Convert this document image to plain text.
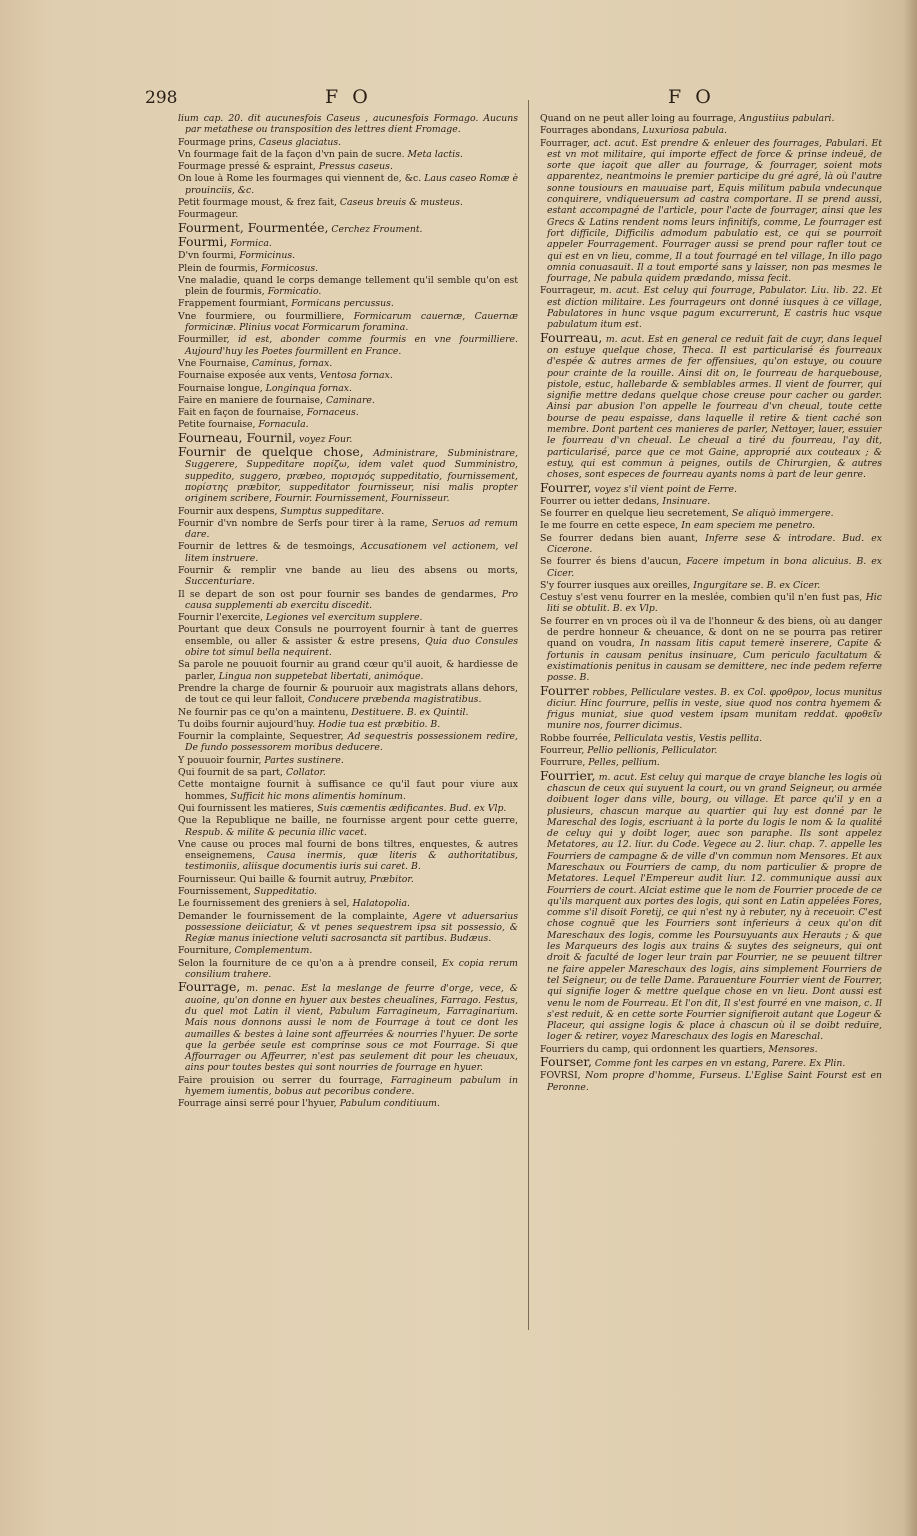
298	F O	F O

lium cap. 20. dit aucunesfois Caseus , aucunesfois Formago. Aucuns par metathese ou transposition des lettres dient Fromage.

Fourmage prins, Caseus glaciatus.

Vn fourmage fait de la façon d'vn pain de sucre. Meta lactis.

Fourmage pressé & espraint, Pressus caseus.

On loue à Rome les fourmages qui viennent de, &c. Laus caseo Romæ è prouinciis, &c.

Petit fourmage moust, & frez fait, Caseus breuis & musteus.

Fourmageur.

Fourment, Fourmentée, Cerchez Froument.

Fourmi, Formica.

D'vn fourmi, Formicinus.

Plein de fourmis, Formicosus.

Vne maladie, quand le corps demange tellement qu'il semble qu'on est plein de fourmis, Formicatio.

Frappement fourmiant, Formicans percussus.

Vne fourmiere, ou fourmilliere, Formicarum cauernæ, Cauernæ formicinæ. Plinius vocat Formicarum foramina.

Fourmiller, id est, abonder comme fourmis en vne fourmilliere. Aujourd'huy les Poetes fourmillent en France.

Vne Fournaise, Caminus, fornax.

Fournaise exposée aux vents, Ventosa fornax.

Fournaise longue, Longinqua fornax.

Faire en maniere de fournaise, Caminare.

Fait en façon de fournaise, Fornaceus.

Petite fournaise, Fornacula.

Fourneau, Fournil, voyez Four.

Fournir de quelque chose, Administrare, Subministrare, Suggerere, Suppeditare πορίζω, idem valet quod Sumministro, suppedito, suggero, præbeo, πορισμός suppeditatio, fournissement, πορίστης præbitor, suppeditator fournisseur, nisi malis propter originem scribere, Fournir. Fournissement, Fournisseur.

Fournir aux despens, Sumptus suppeditare.

Fournir d'vn nombre de Serfs pour tirer à la rame, Seruos ad remum dare.

Fournir de lettres & de tesmoings, Accusationem vel actionem, vel litem instruere.

Fournir & remplir vne bande au lieu des absens ou morts, Succenturiare.

Il se depart de son ost pour fournir ses bandes de gendarmes, Pro causa supplementi ab exercitu discedit.

Fournir l'exercite, Legiones vel exercitum supplere.

Pourtant que deux Consuls ne pourroyent fournir à tant de guerres ensemble, ou aller & assister & estre presens, Quia duo Consules obire tot simul bella nequirent.

Sa parole ne pouuoit fournir au grand cœur qu'il auoit, & hardiesse de parler, Lingua non suppetebat libertati, animóque.

Prendre la charge de fournir & pouruoir aux magistrats allans dehors, de tout ce qui leur falloit, Conducere præbenda magistratibus.

Ne fournir pas ce qu'on a maintenu, Destituere. B. ex Quintil.

Tu doibs fournir aujourd'huy. Hodie tua est præbitio. B.

Fournir la complainte, Sequestrer, Ad sequestris possessionem redire, De fundo possessorem moribus deducere.

Y pouuoir fournir, Partes sustinere.

Qui fournit de sa part, Collator.

Cette montaigne fournit à suffisance ce qu'il faut pour viure aux hommes, Sufficit hic mons alimentis hominum.

Qui fournissent les matieres, Suis cæmentis ædificantes. Bud. ex Vlp.

Que la Republique ne baille, ne fournisse argent pour cette guerre, Respub. & milite & pecunia illic vacet.

Vne cause ou proces mal fourni de bons tiltres, enquestes, & autres enseignemens, Causa inermis, quæ literis & authoritatibus, testimoniis, aliisque documentis iuris sui caret. B.

Fournisseur. Qui baille & fournit autruy, Præbitor.

Fournissement, Suppeditatio.

Le fournissement des greniers à sel, Halatopolia.

Demander le fournissement de la complainte, Agere vt aduersarius possessione deiiciatur, & vt penes sequestrem ipsa sit possessio, & Regiæ manus iniectione veluti sacrosancta sit partibus. Budæus.

Fourniture, Complementum.

Selon la fourniture de ce qu'on a à prendre conseil, Ex copia rerum consilium trahere.

Fourrage, m. penac. Est la meslange de feurre d'orge, vece, & auoine, qu'on donne en hyuer aux bestes cheualines, Farrago. Festus, du quel mot Latin il vient, Pabulum Farragineum, Farraginarium. Mais nous donnons aussi le nom de Fourrage à tout ce dont les aumailles & bestes à laine sont affeurrées & nourries l'hyuer. De sorte que la gerbée seule est comprinse sous ce mot Fourrage. Si que Affourrager ou Affeurrer, n'est pas seulement dit pour les cheuaux, ains pour toutes bestes qui sont nourries de fourrage en hyuer.

Faire prouision ou serrer du fourrage, Farragineum pabulum in hyemem iumentis, bobus aut pecoribus condere.

Fourrage ainsi serré pour l'hyuer, Pabulum conditiuum.

Quand on ne peut aller loing au fourrage, Angustiius pabulari.

Fourrages abondans, Luxuriosa pabula.

Fourrager, act. acut. Est prendre & enleuer des fourrages, Pabulari. Et est vn mot militaire, qui importe effect de force & prinse indeuë, de sorte que iaçoit que aller au fourrage, & fourrager, soient mots apparentez, neantmoins le premier participe du gré agré, là où l'autre sonne tousiours en mauuaise part, Equis militum pabula vndecunque conquirere, vndiqueuersum ad castra comportare. Il se prend aussi, estant accompagné de l'article, pour l'acte de fourrager, ainsi que les Grecs & Latins rendent noms leurs infinitifs, comme, Le fourrager est fort difficile, Difficilis admodum pabulatio est, ce qui se pourroit appeler Fourragement. Fourrager aussi se prend pour rafler tout ce qui est en vn lieu, comme, Il a tout fourragé en tel village, In illo pago omnia conuasauit. Il a tout emporté sans y laisser, non pas mesmes le fourrage, Ne pabula quidem prædando, missa fecit.

Fourrageur, m. acut. Est celuy qui fourrage, Pabulator. Liu. lib. 22. Et est diction militaire. Les fourrageurs ont donné iusques à ce village, Pabulatores in hunc vsque pagum excurrerunt, E castris huc vsque pabulatum itum est.

Fourreau, m. acut. Est en general ce reduit fait de cuyr, dans lequel on estuye quelque chose, Theca. Il est particularisé és fourreaux d'espée & autres armes de fer offensiues, qu'on estuye, ou couure pour crainte de la rouille. Ainsi dit on, le fourreau de harquebouse, pistole, estuc, hallebarde & semblables armes. Il vient de fourrer, qui signifie mettre dedans quelque chose creuse pour cacher ou garder. Ainsi par abusion l'on appelle le fourreau d'vn cheual, toute cette bourse de peau espaisse, dans laquelle il retire & tient caché son membre. Dont partent ces manieres de parler, Nettoyer, lauer, essuier le fourreau d'vn cheual. Le cheual a tiré du fourreau, l'ay dit, particularisé, parce que ce mot Gaine, approprié aux couteaux ; & estuy, qui est commun à peignes, outils de Chirurgien, & autres choses, sont especes de fourreau ayants noms à part de leur genre.

Fourrer, voyez s'il vient point de Ferre.

Fourrer ou ietter dedans, Insinuare.

Se fourrer en quelque lieu secretement, Se aliquò immergere.

Ie me fourre en cette espece, In eam speciem me penetro.

Se fourrer dedans bien auant, Inferre sese & introdare. Bud. ex Cicerone.

Se fourrer és biens d'aucun, Facere impetum in bona alicuius. B. ex Cicer.

S'y fourrer iusques aux oreilles, Ingurgitare se. B. ex Cicer.

Cestuy s'est venu fourrer en la meslée, combien qu'il n'en fust pas, Hic liti se obtulit. B. ex Vlp.

Se fourrer en vn proces où il va de l'honneur & des biens, où au danger de perdre honneur & cheuance, & dont on ne se pourra pas retirer quand on voudra, In nassam litis caput temerè inserere, Capite & fortunis in causam penitus insinuare, Cum periculo facultatum & existimationis penitus in causam se demittere, nec inde pedem referre posse. B.

Fourrer robbes, Pelliculare vestes. B. ex Col. φροθρον, locus munitus diciur. Hinc fourrure, pellis in veste, siue quod nos contra hyemem & frigus muniat, siue quod vestem ipsam munitam reddat. φροθεῖν munire nos, fourrer dicimus.

Robbe fourrée, Pelliculata vestis, Vestis pellita.

Fourreur, Pellio pellionis, Pelliculator.

Fourrure, Pelles, pellium.

Fourrier, m. acut. Est celuy qui marque de craye blanche les logis où chascun de ceux qui suyuent la court, ou vn grand Seigneur, ou armée doibuent loger dans ville, bourg, ou village. Et parce qu'il y en a plusieurs, chascun marque au quartier qui luy est donné par le Mareschal des logis, escriuant à la porte du logis le nom & la qualité de celuy qui y doibt loger, auec son paraphe. Ils sont appelez Metatores, au 12. liur. du Code. Vegece au 2. liur. chap. 7. appelle les Fourriers de campagne & de ville d'vn commun nom Mensores. Et aux Mareschaux ou Fourriers de camp, du nom particulier & propre de Metatores. Lequel l'Empereur audit liur. 12. communique aussi aux Fourriers de court. Alciat estime que le nom de Fourrier procede de ce qu'ils marquent aux portes des logis, qui sont en Latin appelées Fores, comme s'il disoit Foretij, ce qui n'est ny à rebuter, ny à receuoir. C'est chose cognuë que les Fourriers sont inferieurs à ceux qu'on dit Mareschaux des logis, comme les Poursuyuants aux Herauts ; & que les Marqueurs des logis aux trains & suytes des seigneurs, qui ont droit & faculté de loger leur train par Fourrier, ne se peuuent tiltrer ne faire appeler Mareschaux des logis, ains simplement Fourriers de tel Seigneur, ou de telle Dame. Parauenture Fourrier vient de Fourrer, qui signifie loger & mettre quelque chose en vn lieu. Dont aussi est venu le nom de Fourreau. Et l'on dit, Il s'est fourré en vne maison, c. Il s'est reduit, & en cette sorte Fourrier signifieroit autant que Logeur & Placeur, qui assigne logis & place à chascun où il se doibt reduire, loger & retirer, voyez Mareschaux des logis en Mareschal.

Fourriers du camp, qui ordonnent les quartiers, Mensores.

Fourser, Comme font les carpes en vn estang, Parere. Ex Plin.

FOVRSI, Nom propre d'homme, Furseus. L'Eglise Saint Fourst est en Peronne.
